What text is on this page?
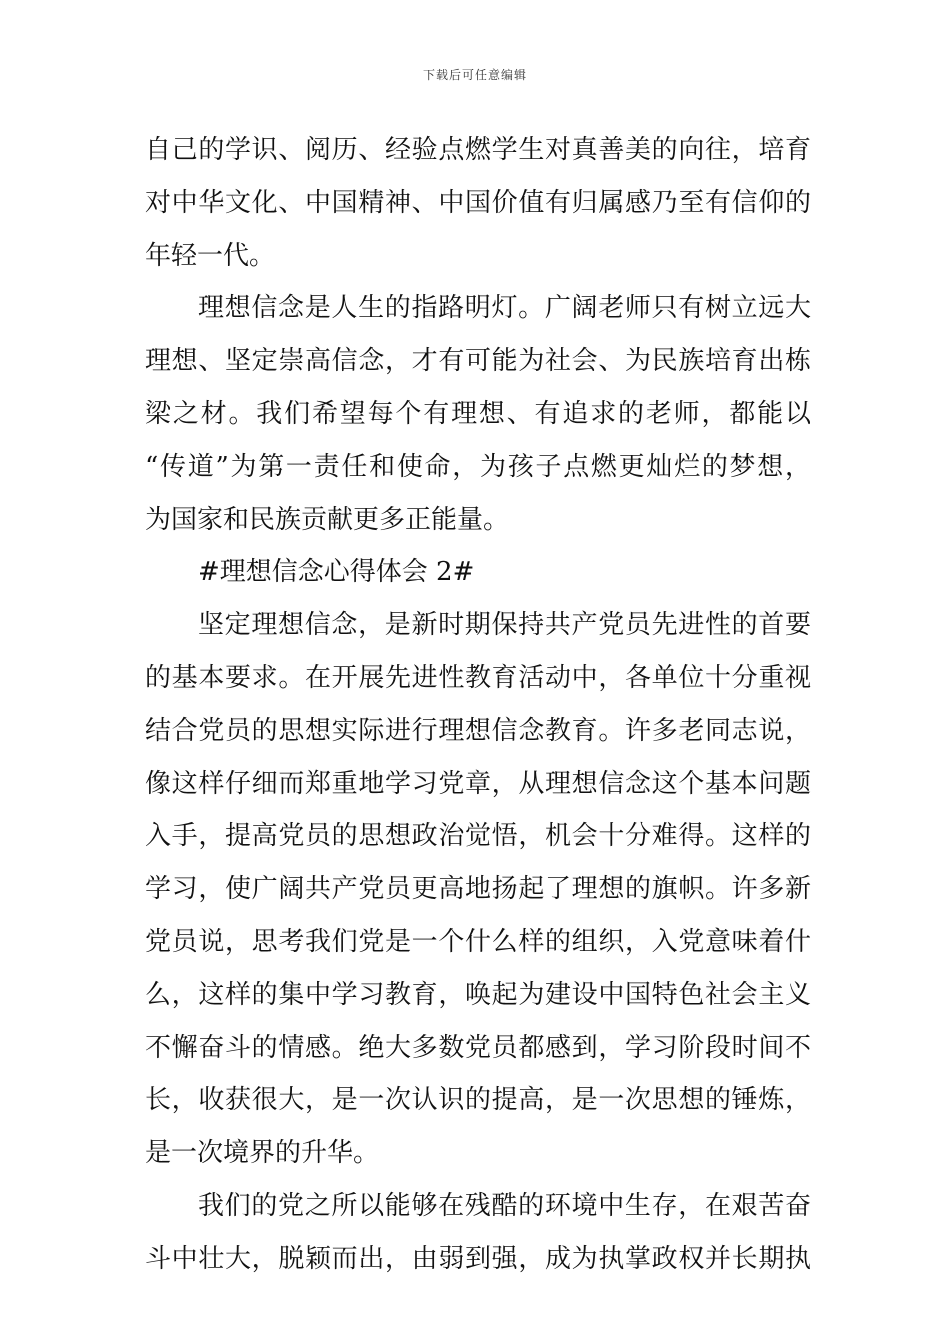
下载后可任意编辑
自己的学识、阅历、经验点燃学生对真善美的向往，培育
对中华文化、中国精神、中国价值有归属感乃至有信仰的
年轻一代。
理想信念是人生的指路明灯。广阔老师只有树立远大
理想、坚定崇高信念，才有可能为社会、为民族培育出栋
梁之材。我们希望每个有理想、有追求的老师，都能以
“传道”为第一责任和使命，为孩子点燃更灿烂的梦想，
为国家和民族贡献更多正能量。
#理想信念心得体会 2#
坚定理想信念，是新时期保持共产党员先进性的首要
的基本要求。在开展先进性教育活动中，各单位十分重视
结合党员的思想实际进行理想信念教育。许多老同志说，
像这样仔细而郑重地学习党章，从理想信念这个基本问题
入手，提高党员的思想政治觉悟，机会十分难得。这样的
学习，使广阔共产党员更高地扬起了理想的旗帜。许多新
党员说，思考我们党是一个什么样的组织，入党意味着什
么，这样的集中学习教育，唤起为建设中国特色社会主义
不懈奋斗的情感。绝大多数党员都感到，学习阶段时间不
长，收获很大，是一次认识的提高，是一次思想的锤炼，
是一次境界的升华。
我们的党之所以能够在残酷的环境中生存，在艰苦奋
斗中壮大，脱颖而出，由弱到强，成为执掌政权并长期执
